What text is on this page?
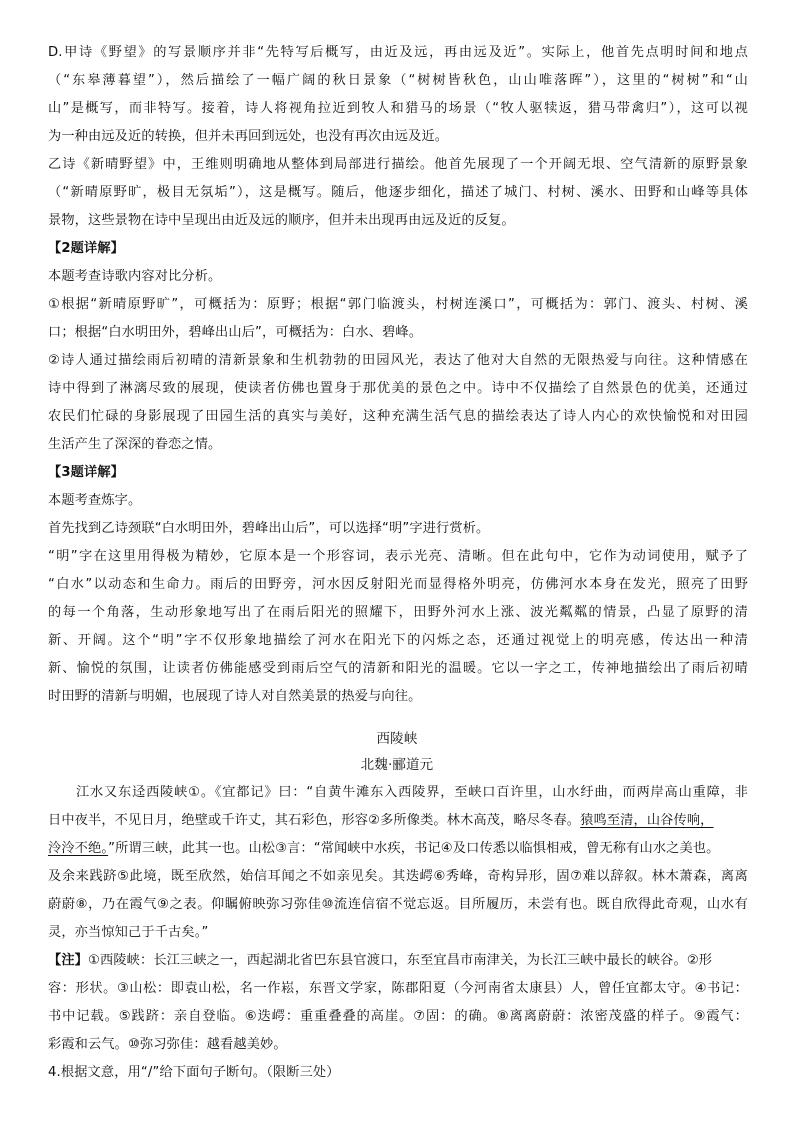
D.甲诗《野望》的写景顺序并非“先特写后概写，由近及远，再由远及近”。实际上，他首先点明时间和地点
（“东皋薄暮望”），然后描绘了一幅广阔的秋日景象（“树树皆秋色，山山唯落晖”），这里的“树树”和“山
山”是概写，而非特写。接着，诗人将视角拉近到牧人和猎马的场景（“牧人驱犊返，猎马带禽归”），这可以视
为一种由远及近的转换，但并未再回到远处，也没有再次由远及近。
乙诗《新晴野望》中，王维则明确地从整体到局部进行描绘。他首先展现了一个开阔无垠、空气清新的原野景象
（“新晴原野旷，极目无氛垢”），这是概写。随后，他逐步细化，描述了城门、村树、溪水、田野和山峰等具体
景物，这些景物在诗中呈现出由近及远的顺序，但并未出现再由远及近的反复。
【2题详解】
本题考查诗歌内容对比分析。
①根据“新晴原野旷”，可概括为：原野；根据“郭门临渡头，村树连溪口”，可概括为：郭门、渡头、村树、溪
口；根据“白水明田外，碧峰出山后”，可概括为：白水、碧峰。
②诗人通过描绘雨后初晴的清新景象和生机勃勃的田园风光，表达了他对大自然的无限热爱与向往。这种情感在
诗中得到了淋漓尽致的展现，使读者仿佛也置身于那优美的景色之中。诗中不仅描绘了自然景色的优美，还通过
农民们忙碌的身影展现了田园生活的真实与美好，这种充满生活气息的描绘表达了诗人内心的欢快愉悦和对田园
生活产生了深深的眷恋之情。
【3题详解】
本题考查炼字。
首先找到乙诗颈联“白水明田外，碧峰出山后”，可以选择“明”字进行赏析。
“明”字在这里用得极为精妙，它原本是一个形容词，表示光亮、清晰。但在此句中，它作为动词使用，赋予了
“白水”以动态和生命力。雨后的田野旁，河水因反射阳光而显得格外明亮，仿佛河水本身在发光，照亮了田野
的每一个角落，生动形象地写出了在雨后阳光的照耀下，田野外河水上涨、波光粼粼的情景，凸显了原野的清
新、开阔。这个“明”字不仅形象地描绘了河水在阳光下的闪烁之态，还通过视觉上的明亮感，传达出一种清
新、愉悦的氛围，让读者仿佛能感受到雨后空气的清新和阳光的温暖。它以一字之工，传神地描绘出了雨后初晴
时田野的清新与明媚，也展现了诗人对自然美景的热爱与向往。
西陵峡
北魏·郦道元
江水又东迳西陵峡①。《宜都记》曰：“自黄牛滩东入西陵界，至峡口百许里，山水纡曲，而两岸高山重障，非
日中夜半，不见日月，绝壁或千许丈，其石彩色，形容②多所像类。林木高茂，略尽冬春。猿鸣至清，山谷传响，
泠泠不绝。”所谓三峡，此其一也。山松③言：“常闻峡中水疾，书记④及口传悉以临惧相戒，曾无称有山水之美也。
及余来践跻⑤此境，既至欣然，始信耳闻之不如亲见矣。其迭崿⑥秀峰，奇构异形，固⑦难以辞叙。林木萧森，离离
蔚蔚⑧，乃在霞气⑨之表。仰瞩俯映弥习弥佳⑩流连信宿不觉忘返。目所履历，未尝有也。既自欣得此奇观，山水有
灵，亦当惊知己于千古矣。”
【注】①西陵峡：长江三峡之一，西起湖北省巴东县官渡口，东至宜昌市南津关，为长江三峡中最长的峡谷。②形
容：形状。③山松：即袁山松，名一作崧，东晋文学家，陈郡阳夏（今河南省太康县）人，曾任宜都太守。④书记：
书中记载。⑤践跻：亲自登临。⑥迭崿：重重叠叠的高崖。⑦固：的确。⑧离离蔚蔚：浓密茂盛的样子。⑨霞气：
彩霞和云气。⑩弥习弥佳：越看越美妙。
4.根据文意，用“/”给下面句子断句。（限断三处）
